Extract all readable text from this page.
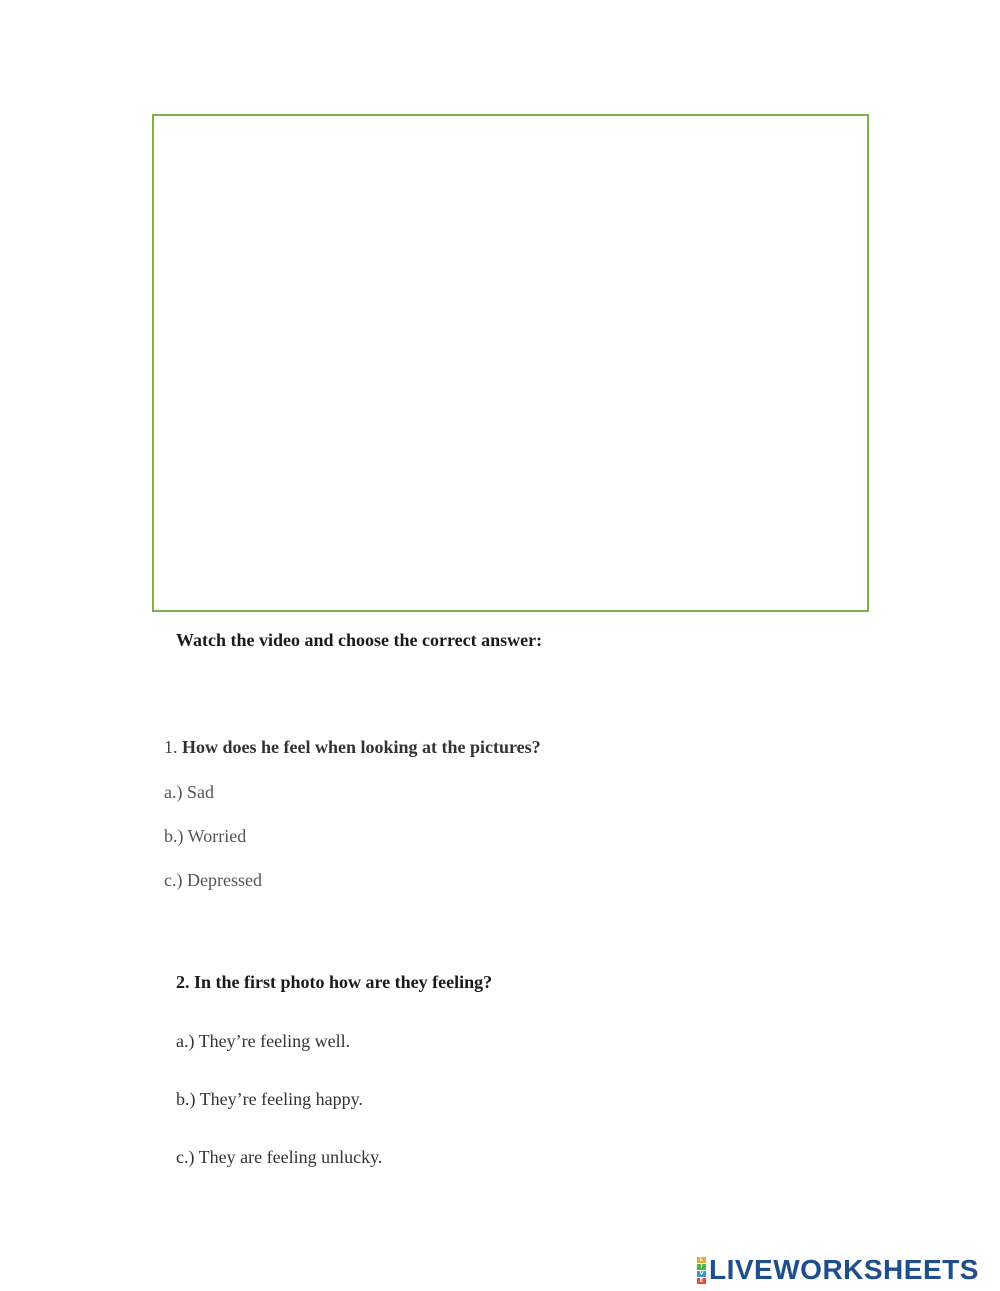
Watch the video and choose the correct answer:
1. How does he feel when looking at the pictures?
a.) Sad
b.) Worried
c.) Depressed
2. In the first photo how are they feeling?
a.) They’re feeling well.
b.) They’re feeling happy.
c.) They are feeling unlucky.
L
I
V
E LIVEWORKSHEETS
